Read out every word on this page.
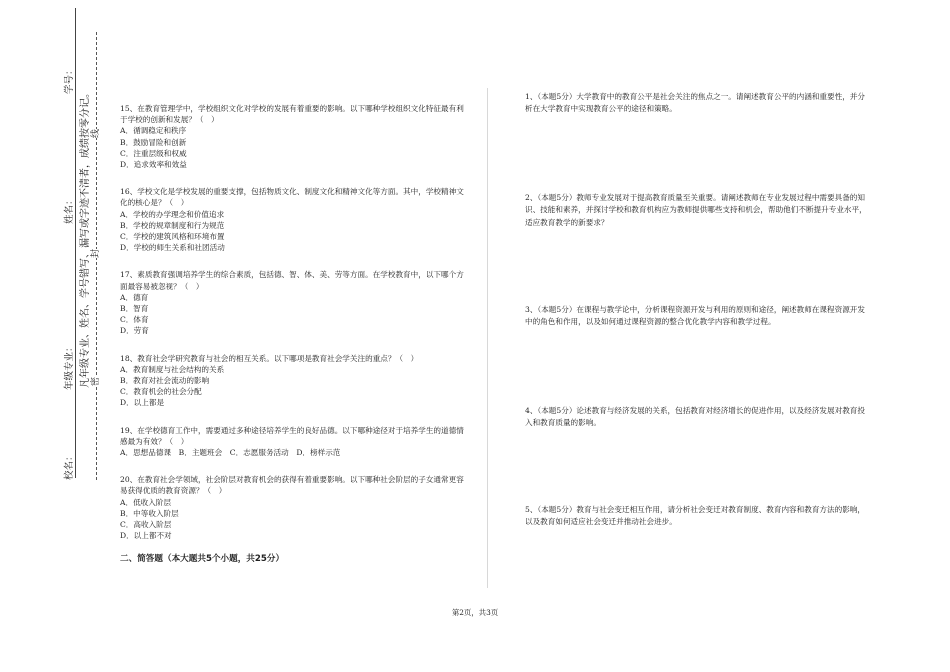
校名：
年级专业：
姓名：
学号：
凡年级专业、姓名、学号错写、漏写或字迹不清者，成绩按零分记。 密
封
线

15、在教育管理学中，学校组织文化对学校的发展有着重要的影响。以下哪种学校组织文化特征最有利于学校的创新和发展？（　）

A．循调稳定和秩序

B．鼓励冒险和创新

C．注重层级和权威

D．追求效率和效益

16、学校文化是学校发展的重要支撑，包括物质文化、制度文化和精神文化等方面。其中，学校精神文化的核心是？（　）

A．学校的办学理念和价值追求

B．学校的规章制度和行为规范

C．学校的建筑风格和环境布置

D．学校的师生关系和社团活动

17、素质教育强调培养学生的综合素质，包括德、智、体、美、劳等方面。在学校教育中，以下哪个方面最容易被忽视？（　）

A．德育

B．智育

C．体育

D．劳育

18、教育社会学研究教育与社会的相互关系。以下哪项是教育社会学关注的重点？（　）

A．教育制度与社会结构的关系

B．教育对社会流动的影响

C．教育机会的社会分配

D．以上都是

19、在学校德育工作中，需要通过多种途径培养学生的良好品德。以下哪种途径对于培养学生的道德情感最为有效？（　）

A．思想品德课　B．主题班会　C．志愿服务活动　D．榜样示范

20、在教育社会学领域，社会阶层对教育机会的获得有着重要影响。以下哪种社会阶层的子女通常更容易获得优质的教育资源？（　）

A．低收入阶层

B．中等收入阶层

C．高收入阶层

D．以上都不对

二、简答题（本大题共5个小题，共25分）

1、（本题5分）大学教育中的教育公平是社会关注的焦点之一。请阐述教育公平的内涵和重要性，并分析在大学教育中实现教育公平的途径和策略。

2、（本题5分）教师专业发展对于提高教育质量至关重要。请阐述教师在专业发展过程中需要具备的知识、技能和素养，并探讨学校和教育机构应为教师提供哪些支持和机会，帮助他们不断提升专业水平，适应教育教学的新要求？

3、（本题5分）在课程与教学论中，分析课程资源开发与利用的原则和途径，阐述教师在课程资源开发中的角色和作用，以及如何通过课程资源的整合优化教学内容和教学过程。

4、（本题5分）论述教育与经济发展的关系，包括教育对经济增长的促进作用，以及经济发展对教育投入和教育质量的影响。

5、（本题5分）教育与社会变迁相互作用，请分析社会变迁对教育制度、教育内容和教育方法的影响，以及教育如何适应社会变迁并推动社会进步。

第2页，共3页
